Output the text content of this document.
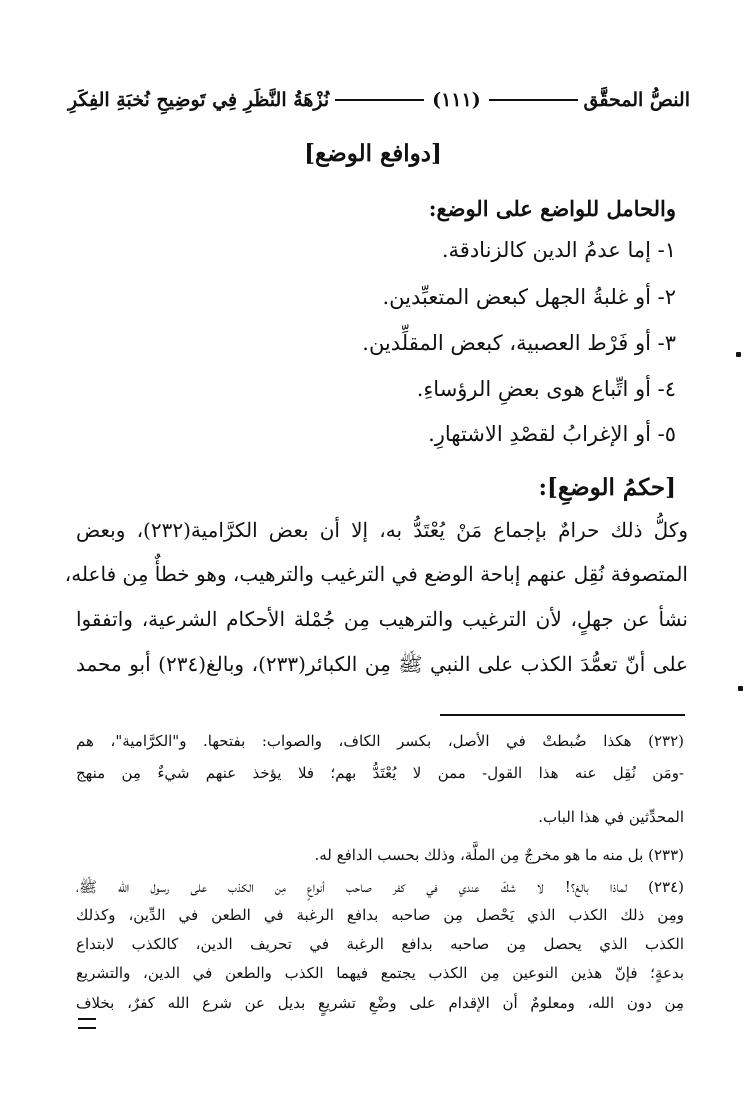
النصُّ المحقَّق
(١١١)
نُزْهَةُ النَّظَرِ فِي تَوضِيحِ نُخبَةِ الفِكَرِ
[دوافع الوضع]
والحامل للواضع على الوضع:
١- إما عدمُ الدين كالزنادقة.
٢- أو غلبةُ الجهل كبعض المتعبِّدين.
٣- أو فَرْط العصبية، كبعض المقلِّدين.
٤- أو اتِّباع هوى بعضِ الرؤساءِ.
٥- أو الإغرابُ لقصْدِ الاشتهارِ.
[حكمُ الوضعِ]:
وكلُّ ذلك حرامٌ بإجماع مَنْ يُعْتَدُّ به، إلا أن بعض الكرَّامية(٢٣٢)، وبعض
المتصوفة نُقِل عنهم إباحة الوضع في الترغيب والترهيب، وهو خطأٌ مِن فاعله،
نشأ عن جهلٍ، لأن الترغيب والترهيب مِن جُمْلة الأحكام الشرعية، واتفقوا
على أنّ تعمُّدَ الكذب على النبي ﷺ مِن الكبائر(٢٣٣)، وبالغ(٢٣٤) أبو محمد
(٢٣٢) هكذا ضُبطتْ في الأصل، بكسر الكاف، والصواب: بفتحها. و"الكرَّامية"، هم
-ومَن نُقِل عنه هذا القول- ممن لا يُعْتَدُّ بهم؛ فلا يؤخذ عنهم شيءٌ مِن منهج
المحدِّثين في هذا الباب.
(٢٣٣) بل منه ما هو مخرجٌ مِن الملَّة، وذلك بحسب الدافع له.
(٢٣٤) لماذا بالغ؟! لا شكّ عندي في كفر صاحب أنواعٍ مِن الكذب على رسول الله ﷺ،
ومِن ذلك الكذب الذي يَحْصل مِن صاحبه بدافع الرغبة في الطعن في الدِّين، وكذلك
الكذب الذي يحصل مِن صاحبه بدافع الرغبة في تحريف الدين، كالكذب لابتداع
بدعةٍ؛ فإنّ هذين النوعين مِن الكذب يجتمع فيهما الكذب والطعن في الدين، والتشريع
مِن دون الله، ومعلومٌ أن الإقدام على وضْعِ تشريعٍ بديل عن شرع الله كفرٌ، بخلاف
